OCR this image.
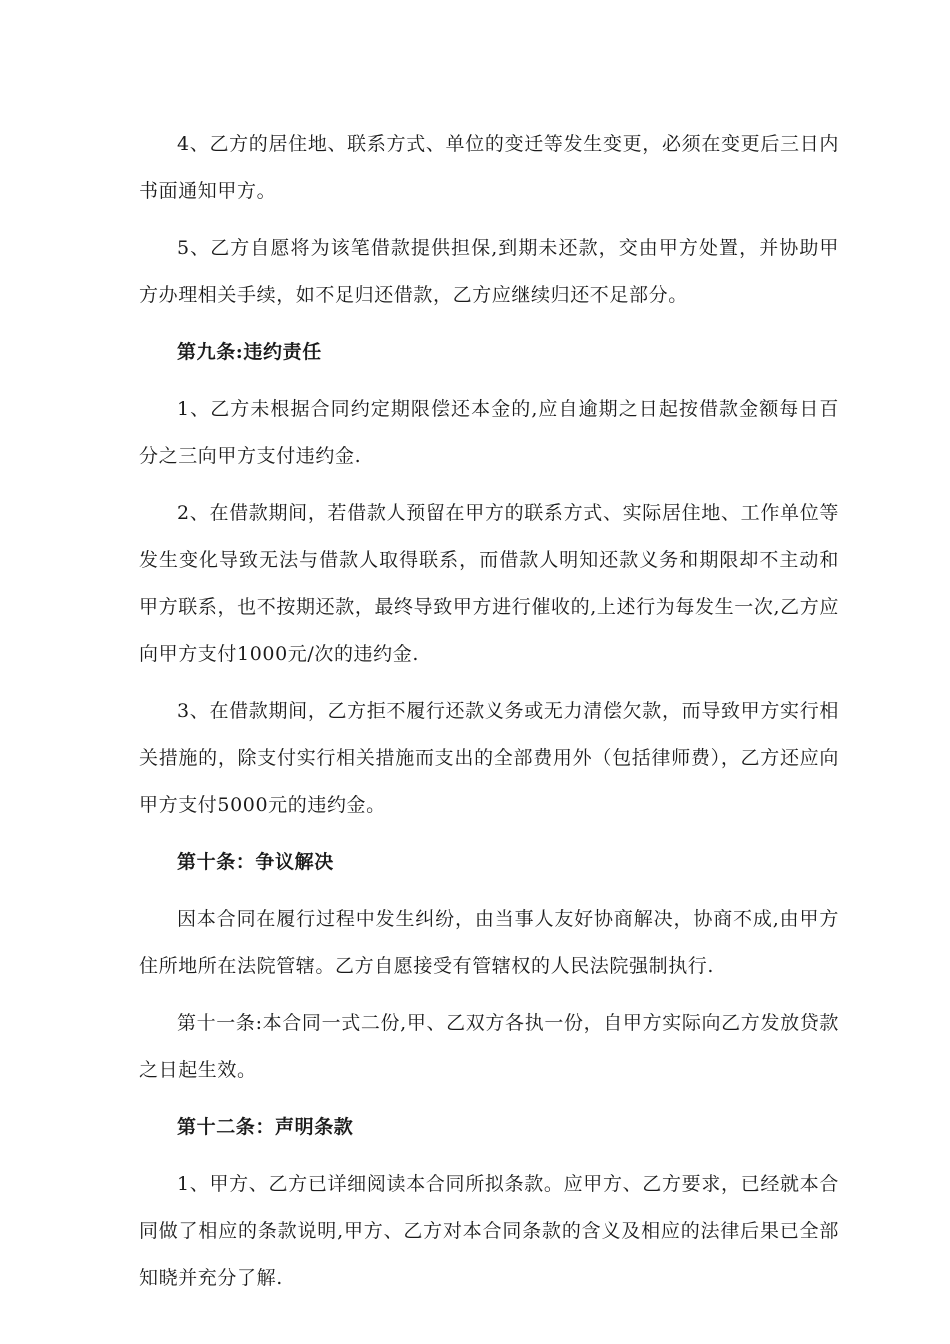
4、乙方的居住地、联系方式、单位的变迁等发生变更，必须在变更后三日内书面通知甲方。

5、乙方自愿将为该笔借款提供担保,到期未还款，交由甲方处置，并协助甲方办理相关手续，如不足归还借款，乙方应继续归还不足部分。

第九条:违约责任

1、乙方未根据合同约定期限偿还本金的,应自逾期之日起按借款金额每日百分之三向甲方支付违约金.

2、在借款期间，若借款人预留在甲方的联系方式、实际居住地、工作单位等发生变化导致无法与借款人取得联系，而借款人明知还款义务和期限却不主动和甲方联系，也不按期还款，最终导致甲方进行催收的,上述行为每发生一次,乙方应向甲方支付1000元/次的违约金.

3、在借款期间，乙方拒不履行还款义务或无力清偿欠款，而导致甲方实行相关措施的，除支付实行相关措施而支出的全部费用外（包括律师费），乙方还应向甲方支付5000元的违约金。

第十条：争议解决

因本合同在履行过程中发生纠纷，由当事人友好协商解决，协商不成,由甲方住所地所在法院管辖。乙方自愿接受有管辖权的人民法院强制执行.

第十一条:本合同一式二份,甲、乙双方各执一份，自甲方实际向乙方发放贷款之日起生效。

第十二条：声明条款

1、甲方、乙方已详细阅读本合同所拟条款。应甲方、乙方要求，已经就本合同做了相应的条款说明,甲方、乙方对本合同条款的含义及相应的法律后果已全部知晓并充分了解.
